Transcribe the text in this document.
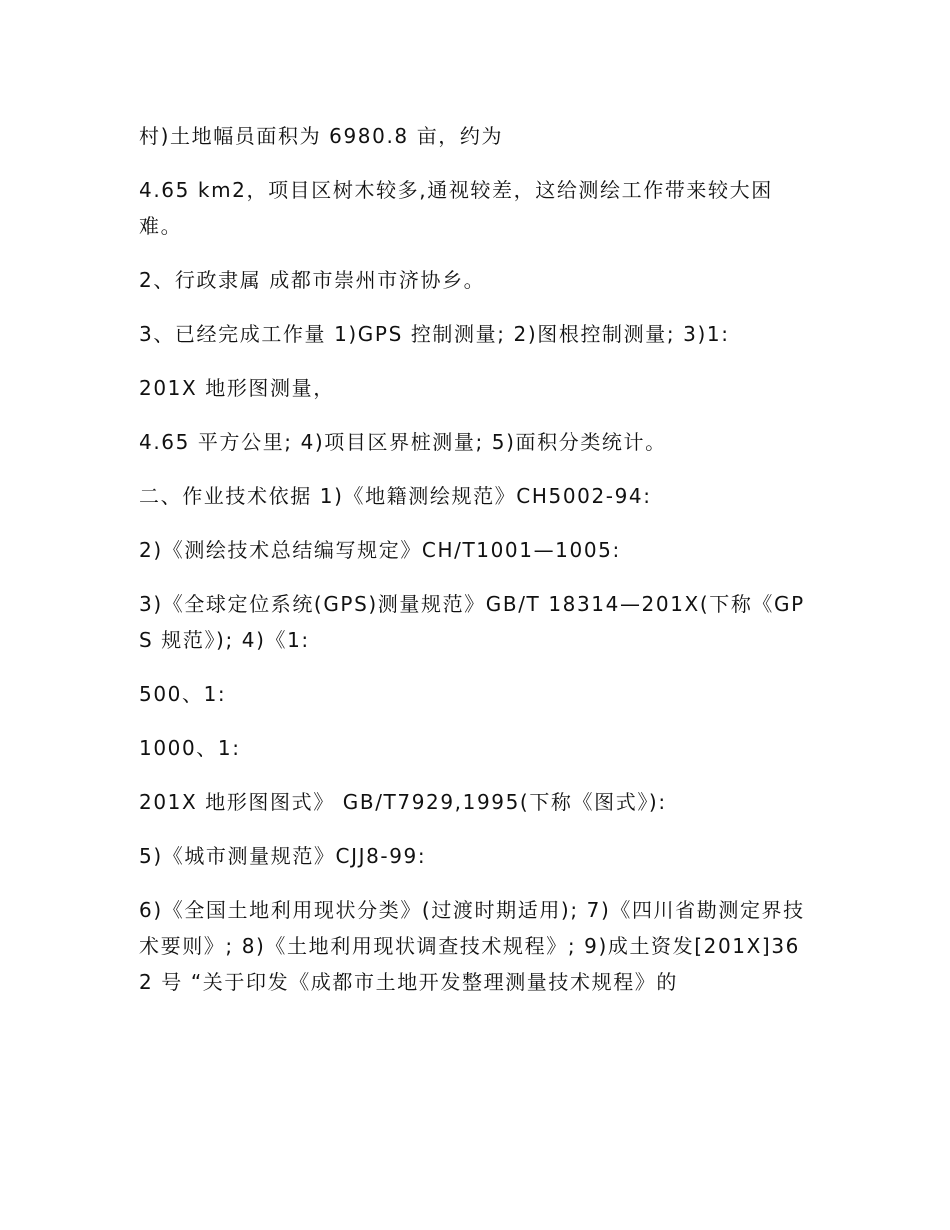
村)土地幅员面积为 6980.8 亩，约为

4.65 km2，项目区树木较多,通视较差，这给测绘工作带来较大困难。

2、行政隶属 成都市崇州市济协乡。

3、已经完成工作量 1)GPS 控制测量; 2)图根控制测量; 3)1:

201X 地形图测量，

4.65 平方公里; 4)项目区界桩测量; 5)面积分类统计。

二、作业技术依据 1)《地籍测绘规范》CH5002-94:

2)《测绘技术总结编写规定》CH/T1001—1005:

3)《全球定位系统(GPS)测量规范》GB/T 18314—201X(下称《GPS 规范》); 4)《1:

500、1:

1000、1:

201X 地形图图式》 GB/T7929,1995(下称《图式》):

5)《城市测量规范》CJJ8-99:

6)《全国土地利用现状分类》(过渡时期适用); 7)《四川省勘测定界技术要则》; 8)《土地利用现状调查技术规程》; 9)成土资发[201X]362 号 “关于印发《成都市土地开发整理测量技术规程》的
